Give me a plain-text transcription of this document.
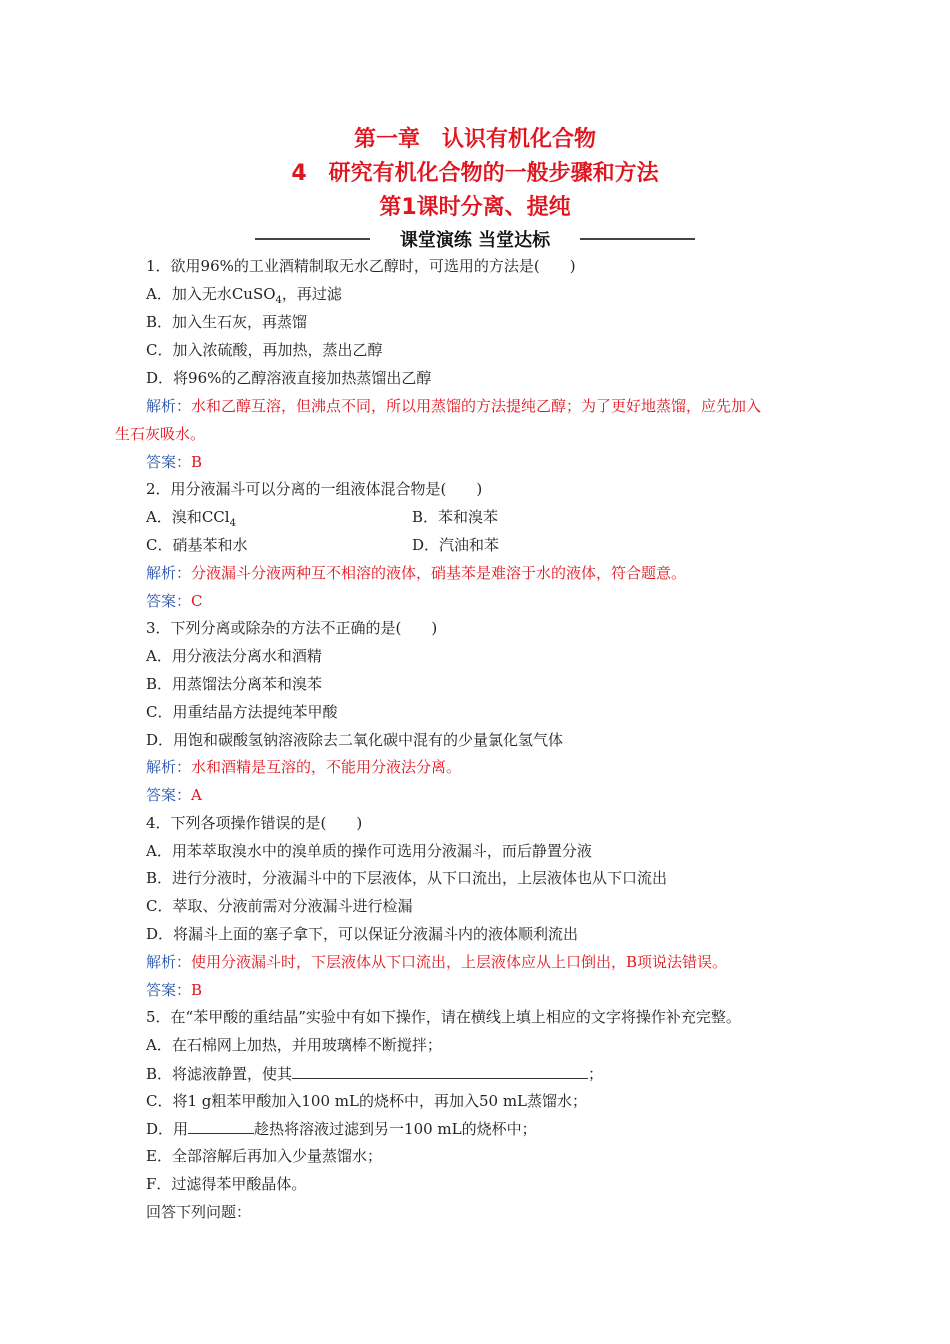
第一章　认识有机化合物
4　研究有机化合物的一般步骤和方法
第1课时分离、提纯
课堂演练 当堂达标
1．欲用96%的工业酒精制取无水乙醇时，可选用的方法是(　　)
A．加入无水CuSO$_4$，再过滤
B．加入生石灰，再蒸馏
C．加入浓硫酸，再加热，蒸出乙醇
D．将96%的乙醇溶液直接加热蒸馏出乙醇
解析：水和乙醇互溶，但沸点不同，所以用蒸馏的方法提纯乙醇；为了更好地蒸馏，应先加入
生石灰吸水。
答案：B
2．用分液漏斗可以分离的一组液体混合物是(　　)
A．溴和CCl$_4$	B．苯和溴苯
C．硝基苯和水	D．汽油和苯
解析：分液漏斗分液两种互不相溶的液体，硝基苯是难溶于水的液体，符合题意。
答案：C
3．下列分离或除杂的方法不正确的是(　　)
A．用分液法分离水和酒精
B．用蒸馏法分离苯和溴苯
C．用重结晶方法提纯苯甲酸
D．用饱和碳酸氢钠溶液除去二氧化碳中混有的少量氯化氢气体
解析：水和酒精是互溶的，不能用分液法分离。
答案：A
4．下列各项操作错误的是(　　)
A．用苯萃取溴水中的溴单质的操作可选用分液漏斗，而后静置分液
B．进行分液时，分液漏斗中的下层液体，从下口流出，上层液体也从下口流出
C．萃取、分液前需对分液漏斗进行检漏
D．将漏斗上面的塞子拿下，可以保证分液漏斗内的液体顺利流出
解析：使用分液漏斗时，下层液体从下口流出，上层液体应从上口倒出，B项说法错误。
答案：B
5．在“苯甲酸的重结晶”实验中有如下操作，请在横线上填上相应的文字将操作补充完整。
A．在石棉网上加热，并用玻璃棒不断搅拌；
B．将滤液静置，使其	；
C．将1 g粗苯甲酸加入100 mL的烧杯中，再加入50 mL蒸馏水；
D．用	趁热将溶液过滤到另一100 mL的烧杯中；
E．全部溶解后再加入少量蒸馏水；
F．过滤得苯甲酸晶体。
回答下列问题：
